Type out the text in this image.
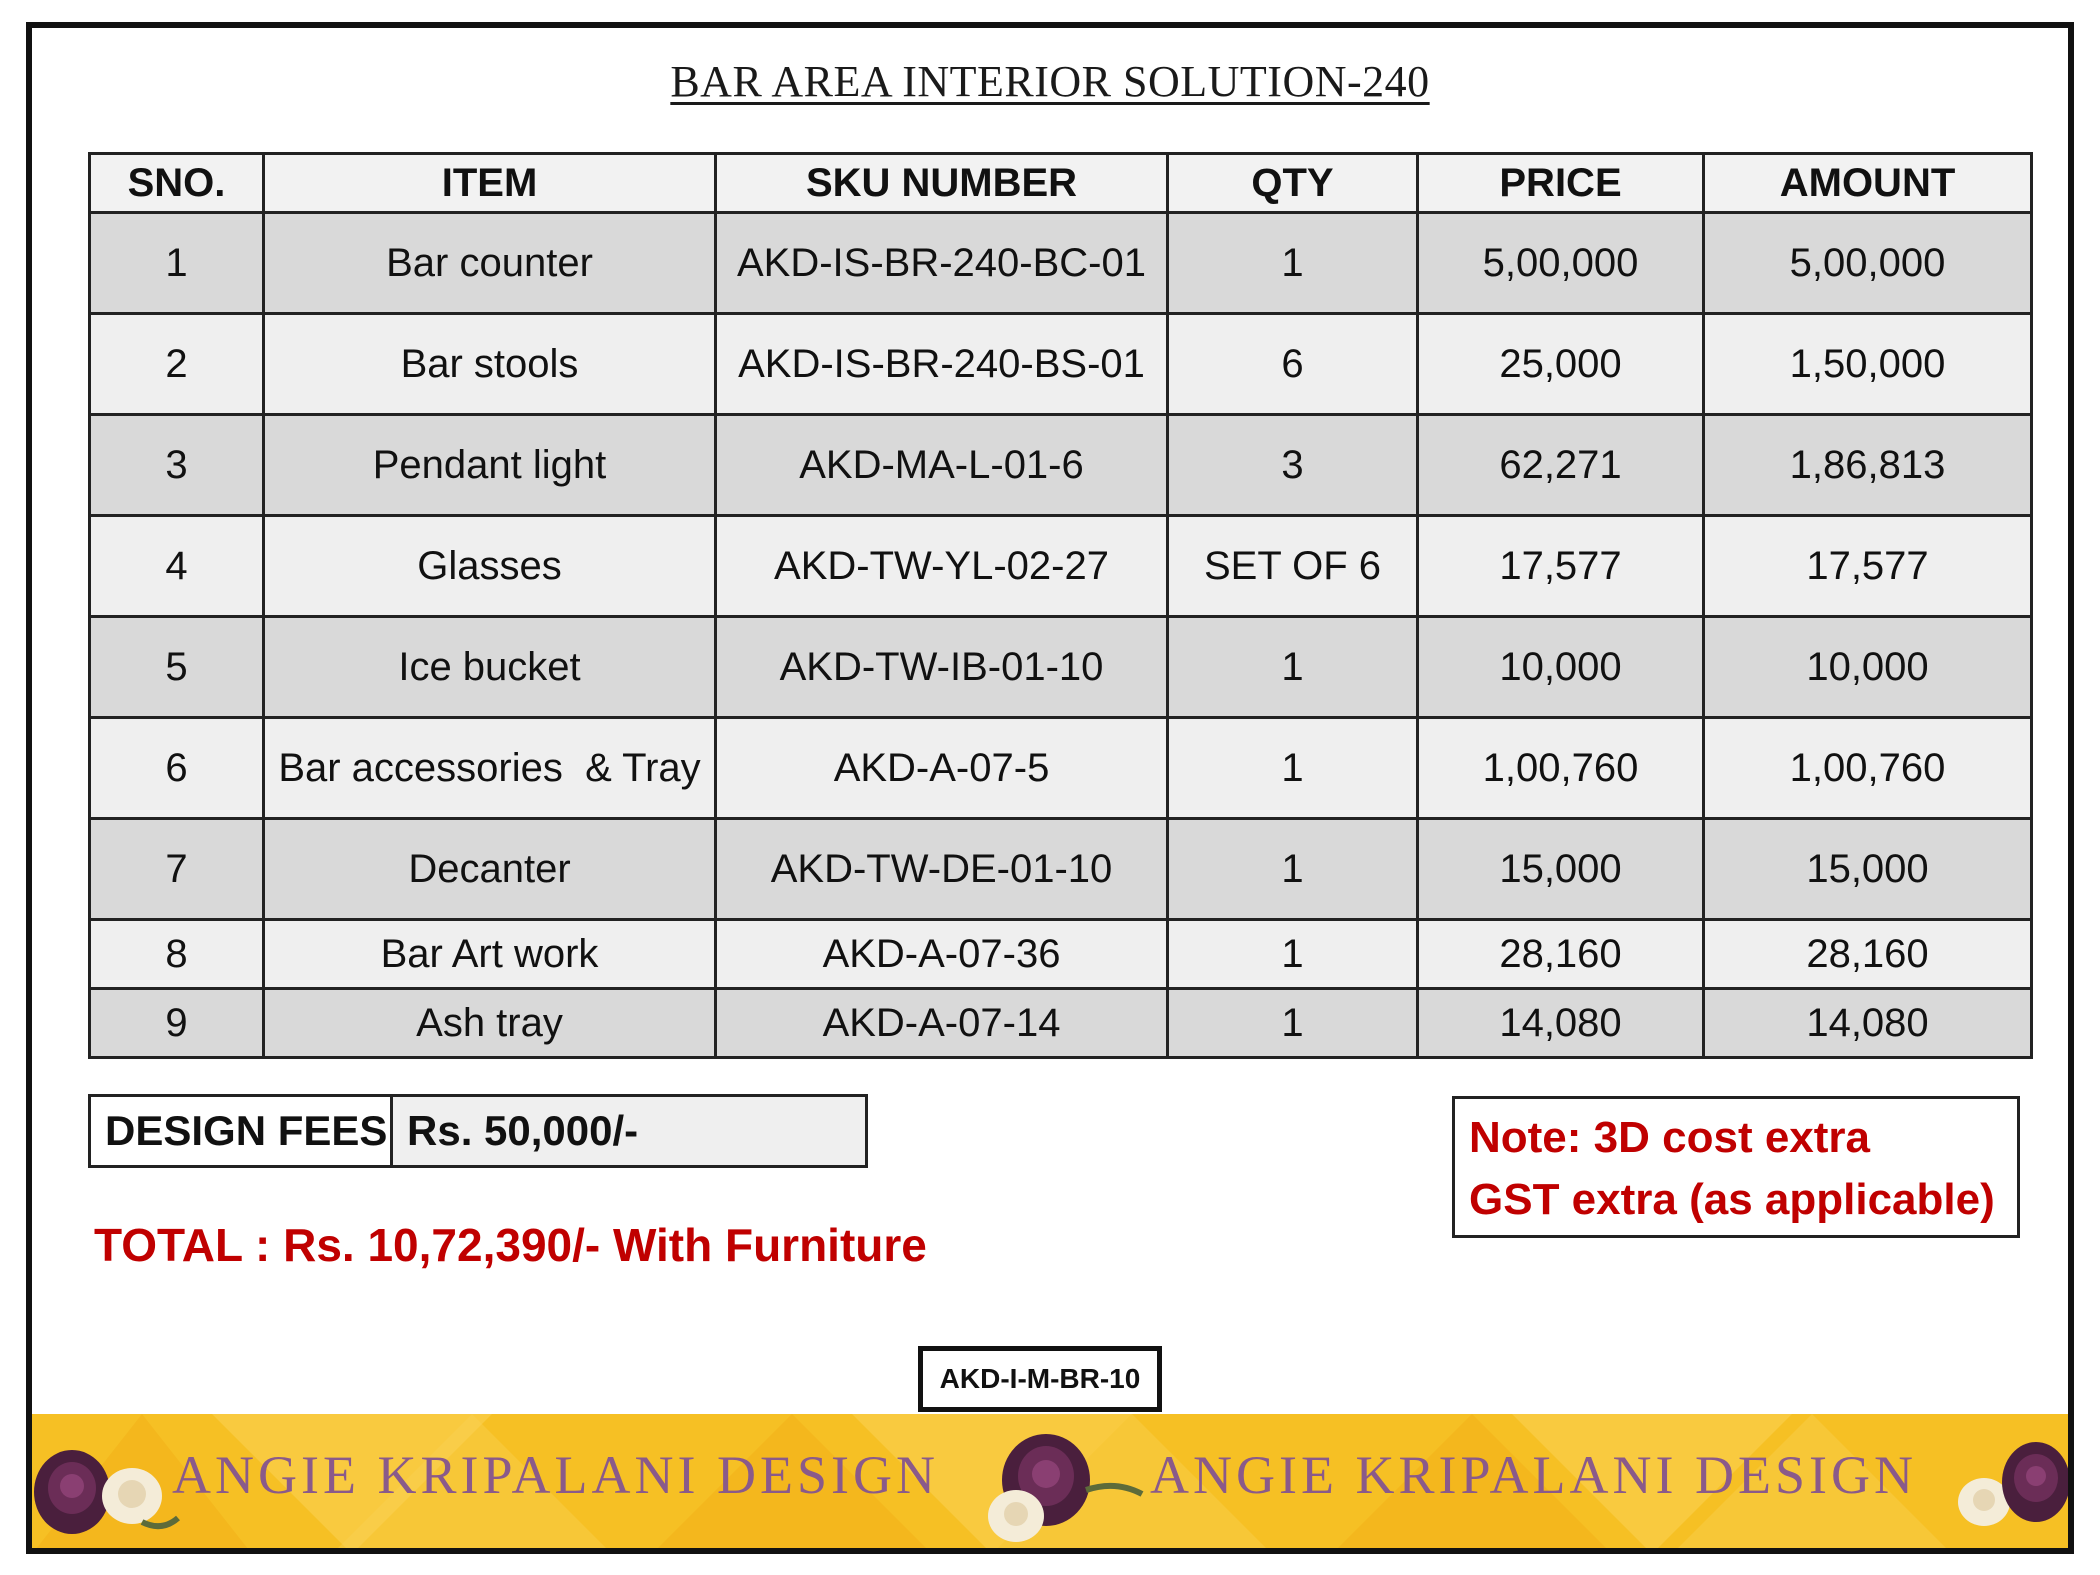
BAR AREA INTERIOR SOLUTION-240
SNO.	ITEM	SKU NUMBER	QTY	PRICE	AMOUNT
1	Bar counter	AKD-IS-BR-240-BC-01	1	5,00,000	5,00,000
2	Bar stools	AKD-IS-BR-240-BS-01	6	25,000	1,50,000
3	Pendant light	AKD-MA-L-01-6	3	62,271	1,86,813
4	Glasses	AKD-TW-YL-02-27	SET OF 6	17,577	17,577
5	Ice bucket	AKD-TW-IB-01-10	1	10,000	10,000
6	Bar accessories  & Tray	AKD-A-07-5	1	1,00,760	1,00,760
7	Decanter	AKD-TW-DE-01-10	1	15,000	15,000
8	Bar Art work	AKD-A-07-36	1	28,160	28,160
9	Ash tray	AKD-A-07-14	1	14,080	14,080
DESIGN FEES Rs. 50,000/-
TOTAL : Rs. 10,72,390/- With Furniture
Note: 3D cost extra
GST extra (as applicable)
AKD-I-M-BR-10
ANGIE KRIPALANI DESIGN	ANGIE KRIPALANI DESIGN
